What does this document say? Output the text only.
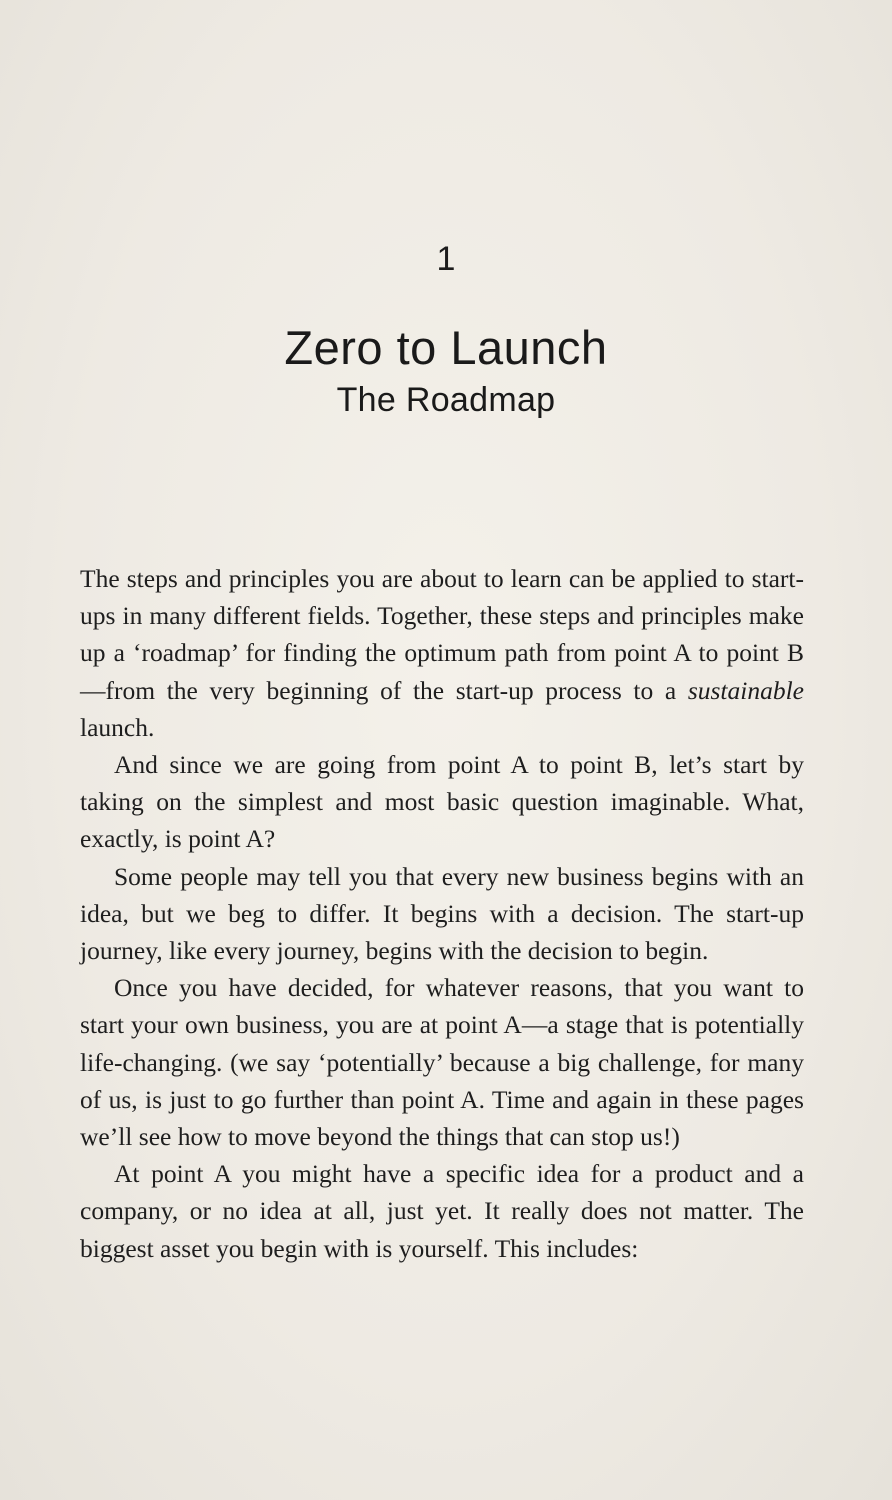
1
Zero to Launch
The Roadmap

The steps and principles you are about to learn can be applied to start-ups in many different fields. Together, these steps and principles make up a ‘roadmap’ for finding the optimum path from point A to point B—from the very beginning of the start-up process to a sustainable launch.

And since we are going from point A to point B, let’s start by taking on the simplest and most basic question imaginable. What, exactly, is point A?

Some people may tell you that every new business begins with an idea, but we beg to differ. It begins with a decision. The start-up journey, like every journey, begins with the decision to begin.

Once you have decided, for whatever reasons, that you want to start your own business, you are at point A—a stage that is potentially life-changing. (we say ‘potentially’ because a big challenge, for many of us, is just to go further than point A. Time and again in these pages we’ll see how to move beyond the things that can stop us!)

At point A you might have a specific idea for a product and a company, or no idea at all, just yet. It really does not matter. The biggest asset you begin with is yourself. This includes:
